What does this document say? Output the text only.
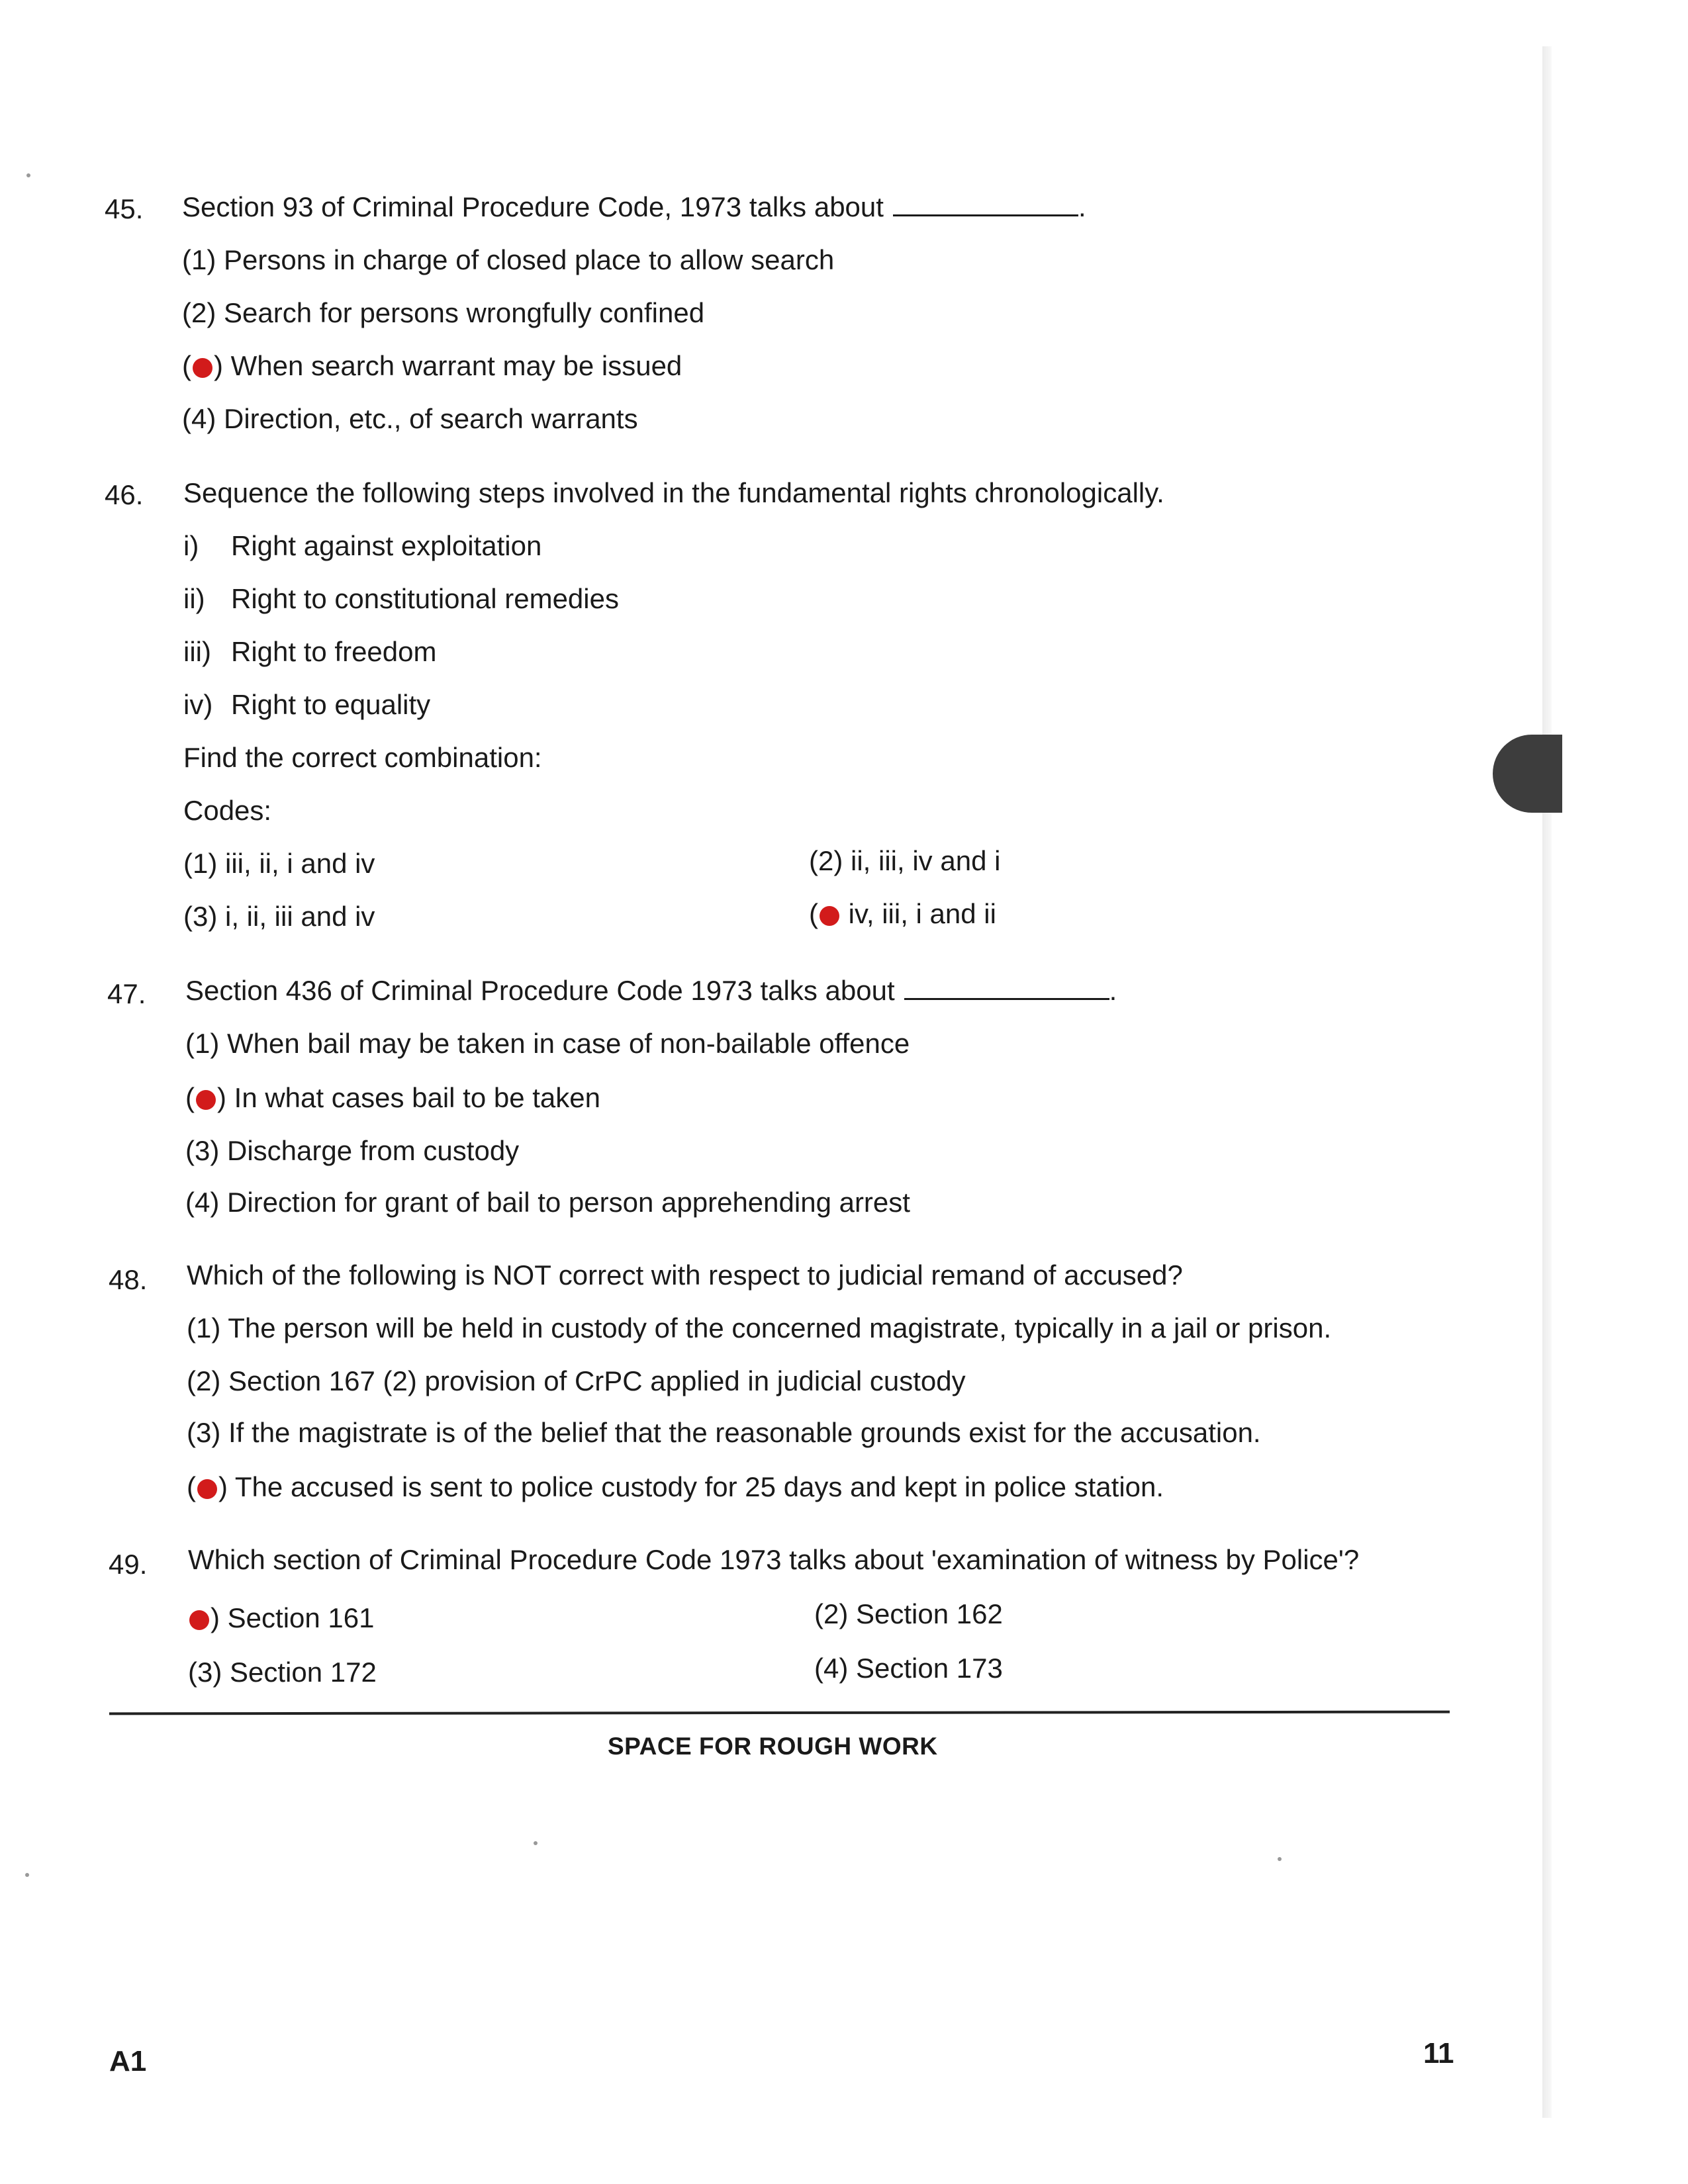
45. Section 93 of Criminal Procedure Code, 1973 talks about	.
(1) Persons in charge of closed place to allow search
(2) Search for persons wrongfully confined
( ) When search warrant may be issued
(4) Direction, etc., of search warrants
46. Sequence the following steps involved in the fundamental rights chronologically.
i) Right against exploitation
ii) Right to constitutional remedies
iii) Right to freedom
iv) Right to equality
Find the correct combination:
Codes:
(1) iii, ii, i and iv	(2) ii, iii, iv and i
(3) i, ii, iii and iv	( iv, iii, i and ii
47. Section 436 of Criminal Procedure Code 1973 talks about	.
(1) When bail may be taken in case of non-bailable offence
( ) In what cases bail to be taken
(3) Discharge from custody
(4) Direction for grant of bail to person apprehending arrest
48. Which of the following is NOT correct with respect to judicial remand of accused?
(1) The person will be held in custody of the concerned magistrate, typically in a jail or prison.
(2) Section 167 (2) provision of CrPC applied in judicial custody
(3) If the magistrate is of the belief that the reasonable grounds exist for the accusation.
( ) The accused is sent to police custody for 25 days and kept in police station.
49. Which section of Criminal Procedure Code 1973 talks about 'examination of witness by Police'?
) Section 161	(2) Section 162
(3) Section 172	(4) Section 173
SPACE FOR ROUGH WORK
A1	11
